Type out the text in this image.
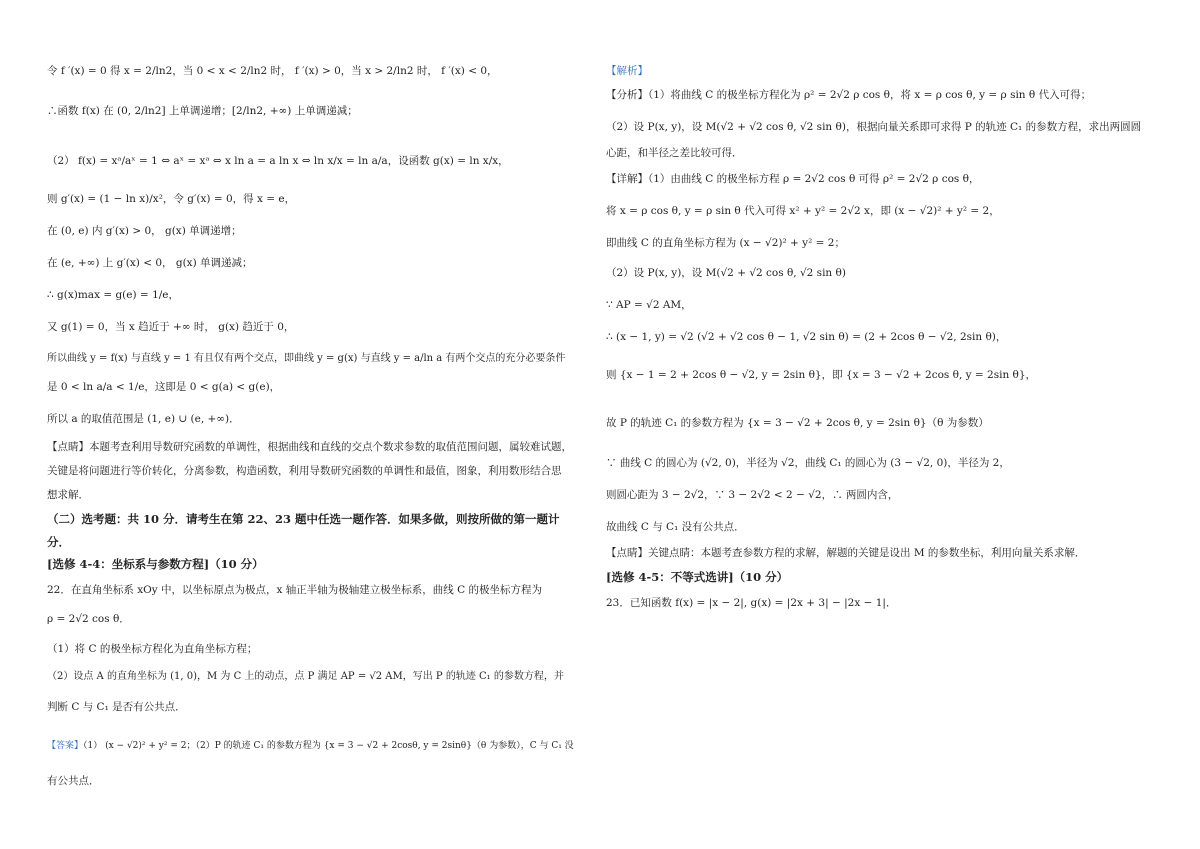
令 f ′(x) = 0 得 x = 2/ln2，当 0 < x < 2/ln2 时， f ′(x) > 0，当 x > 2/ln2 时， f ′(x) < 0，
∴函数 f(x) 在 (0, 2/ln2] 上单调递增；[2/ln2, +∞) 上单调递减；
（2） f(x) = xᵃ/aˣ = 1 ⇔ aˣ = xᵃ ⇔ x ln a = a ln x ⇔ ln x/x = ln a/a，设函数 g(x) = ln x/x，
则 g′(x) = (1 − ln x)/x²，令 g′(x) = 0，得 x = e，
在 (0, e) 内 g′(x) > 0， g(x) 单调递增；
在 (e, +∞) 上 g′(x) < 0， g(x) 单调递减；
∴ g(x)max = g(e) = 1/e，
又 g(1) = 0，当 x 趋近于 +∞ 时， g(x) 趋近于 0，
所以曲线 y = f(x) 与直线 y = 1 有且仅有两个交点，即曲线 y = g(x) 与直线 y = a/ln a 有两个交点的充分必要条件
是 0 < ln a/a < 1/e，这即是 0 < g(a) < g(e)，
所以 a 的取值范围是 (1, e) ∪ (e, +∞)．
【点睛】本题考查利用导数研究函数的单调性，根据曲线和直线的交点个数求参数的取值范围问题，属较难试题，
关键是将问题进行等价转化，分离参数，构造函数，利用导数研究函数的单调性和最值，图象，利用数形结合思
想求解．
（二）选考题：共 10 分．请考生在第 22、23 题中任选一题作答．如果多做，则按所做的第一题计
分．
[选修 4-4：坐标系与参数方程]（10 分）
22．在直角坐标系 xOy 中，以坐标原点为极点，x 轴正半轴为极轴建立极坐标系，曲线 C 的极坐标方程为
ρ = 2√2 cos θ．
（1）将 C 的极坐标方程化为直角坐标方程；
（2）设点 A 的直角坐标为 (1, 0)，M 为 C 上的动点，点 P 满足 AP = √2 AM，写出 P 的轨迹 C₁ 的参数方程，并
判断 C 与 C₁ 是否有公共点．
【答案】（1） (x − √2)² + y² = 2；（2）P 的轨迹 C₁ 的参数方程为 {x = 3 − √2 + 2cosθ, y = 2sinθ}（θ 为参数），C 与 C₁ 没
有公共点．
【解析】
【分析】（1）将曲线 C 的极坐标方程化为 ρ² = 2√2 ρ cos θ，将 x = ρ cos θ, y = ρ sin θ 代入可得；
（2）设 P(x, y)，设 M(√2 + √2 cos θ, √2 sin θ)，根据向量关系即可求得 P 的轨迹 C₁ 的参数方程，求出两圆圆
心距，和半径之差比较可得．
【详解】（1）由曲线 C 的极坐标方程 ρ = 2√2 cos θ 可得 ρ² = 2√2 ρ cos θ，
将 x = ρ cos θ, y = ρ sin θ 代入可得 x² + y² = 2√2 x，即 (x − √2)² + y² = 2，
即曲线 C 的直角坐标方程为 (x − √2)² + y² = 2；
（2）设 P(x, y)，设 M(√2 + √2 cos θ, √2 sin θ)
∵ AP = √2 AM，
∴ (x − 1, y) = √2 (√2 + √2 cos θ − 1, √2 sin θ) = (2 + 2cos θ − √2, 2sin θ)，
则 {x − 1 = 2 + 2cos θ − √2, y = 2sin θ}，即 {x = 3 − √2 + 2cos θ, y = 2sin θ}，
故 P 的轨迹 C₁ 的参数方程为 {x = 3 − √2 + 2cos θ, y = 2sin θ}（θ 为参数）
∵ 曲线 C 的圆心为 (√2, 0)，半径为 √2，曲线 C₁ 的圆心为 (3 − √2, 0)，半径为 2，
则圆心距为 3 − 2√2，∵ 3 − 2√2 < 2 − √2，∴ 两圆内含，
故曲线 C 与 C₁ 没有公共点．
【点睛】关键点睛：本题考查参数方程的求解，解题的关键是设出 M 的参数坐标，利用向量关系求解．
[选修 4-5：不等式选讲]（10 分）
23．已知函数 f(x) = |x − 2|, g(x) = |2x + 3| − |2x − 1|．
